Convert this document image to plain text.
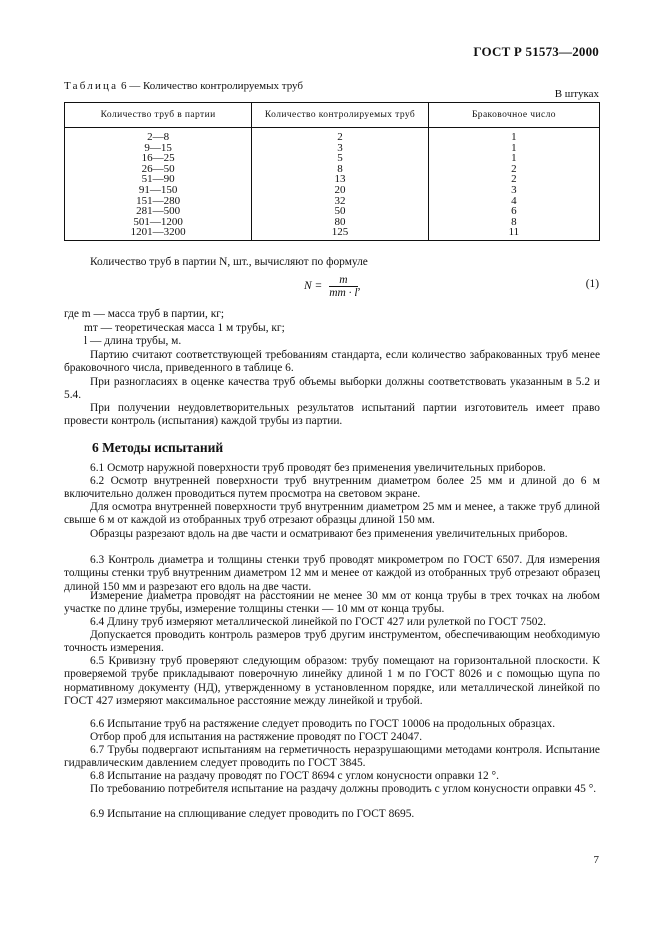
ГОСТ Р 51573—2000
Таблица 6 — Количество контролируемых труб
В штуках
Количество труб в партии	Количество контролируемых труб	Браковочное число
2—8	2	1
9—15	3	1
16—25	5	1
26—50	8	2
51—90	13	2
91—150	20	3
151—280	32	4
281—500	50	6
501—1200	80	8
1201—3200	125	11
Количество труб в партии N, шт., вычисляют по формуле
$N = \frac{m}{mт \cdot l}$ ,	(1)
где m — масса труб в партии, кг;
mт — теоретическая масса 1 м трубы, кг;
l — длина трубы, м.
Партию считают соответствующей требованиям стандарта, если количество забракованных труб менее браковочного числа, приведенного в таблице 6.
При разногласиях в оценке качества труб объемы выборки должны соответствовать указанным в 5.2 и 5.4.
При получении неудовлетворительных результатов испытаний партии изготовитель имеет право провести контроль (испытания) каждой трубы из партии.
6 Методы испытаний
6.1 Осмотр наружной поверхности труб проводят без применения увеличительных приборов.
6.2 Осмотр внутренней поверхности труб внутренним диаметром более 25 мм и длиной до 6 м включительно должен проводиться путем просмотра на световом экране.
Для осмотра внутренней поверхности труб внутренним диаметром 25 мм и менее, а также труб длиной свыше 6 м от каждой из отобранных труб отрезают образцы длиной 150 мм.
Образцы разрезают вдоль на две части и осматривают без применения увеличительных приборов.
6.3 Контроль диаметра и толщины стенки труб проводят микрометром по ГОСТ 6507. Для измерения толщины стенки труб внутренним диаметром 12 мм и менее от каждой из отобранных труб отрезают образец длиной 150 мм и разрезают его вдоль на две части.
Измерение диаметра проводят на расстоянии не менее 30 мм от конца трубы в трех точках на любом участке по длине трубы, измерение толщины стенки — 10 мм от конца трубы.
6.4 Длину труб измеряют металлической линейкой по ГОСТ 427 или рулеткой по ГОСТ 7502.
Допускается проводить контроль размеров труб другим инструментом, обеспечивающим необходимую точность измерения.
6.5 Кривизну труб проверяют следующим образом: трубу помещают на горизонтальной плоскости. К проверяемой трубе прикладывают поверочную линейку длиной 1 м по ГОСТ 8026 и с помощью щупа по нормативному документу (НД), утвержденному в установленном порядке, или металлической линейкой по ГОСТ 427 измеряют максимальное расстояние между линейкой и трубой.
6.6 Испытание труб на растяжение следует проводить по ГОСТ 10006 на продольных образцах.
Отбор проб для испытания на растяжение проводят по ГОСТ 24047.
6.7 Трубы подвергают испытаниям на герметичность неразрушающими методами контроля. Испытание гидравлическим давлением следует проводить по ГОСТ 3845.
6.8 Испытание на раздачу проводят по ГОСТ 8694 с углом конусности оправки 12 °.
По требованию потребителя испытание на раздачу должны проводить с углом конусности оправки 45 °.
6.9 Испытание на сплющивание следует проводить по ГОСТ 8695.
7
